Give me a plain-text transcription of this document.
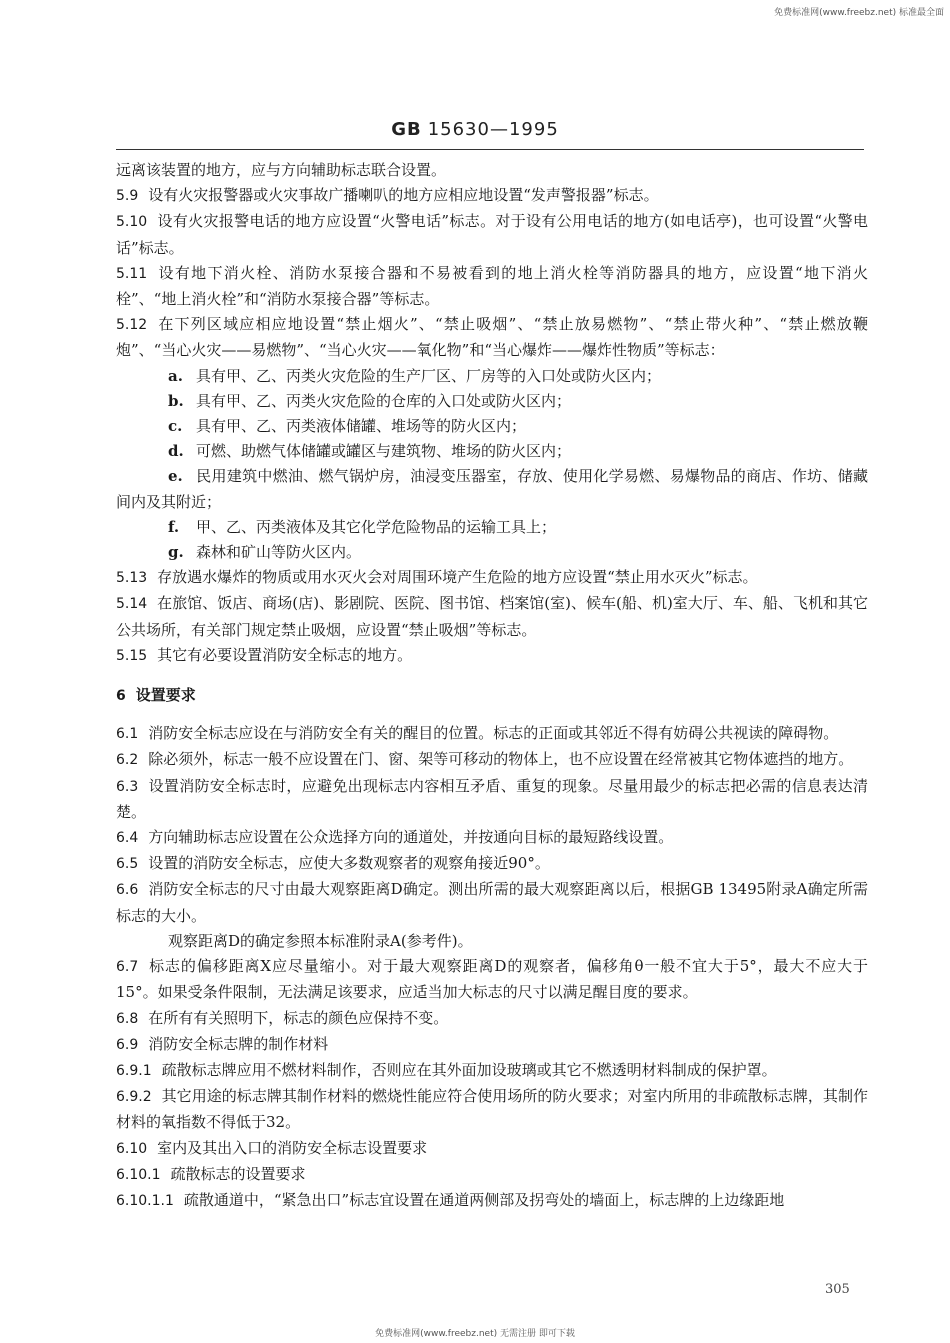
免费标准网(www.freebz.net) 标准最全面
GB 15630—1995

远离该装置的地方，应与方向辅助标志联合设置。

5.9 设有火灾报警器或火灾事故广播喇叭的地方应相应地设置“发声警报器”标志。

5.10 设有火灾报警电话的地方应设置“火警电话”标志。对于设有公用电话的地方(如电话亭)，也可设置“火警电话”标志。

5.11 设有地下消火栓、消防水泵接合器和不易被看到的地上消火栓等消防器具的地方，应设置“地下消火栓”、“地上消火栓”和“消防水泵接合器”等标志。

5.12 在下列区域应相应地设置“禁止烟火”、“禁止吸烟”、“禁止放易燃物”、“禁止带火种”、“禁止燃放鞭炮”、“当心火灾——易燃物”、“当心火灾——氧化物”和“当心爆炸——爆炸性物质”等标志：

a. 具有甲、乙、丙类火灾危险的生产厂区、厂房等的入口处或防火区内；

b. 具有甲、乙、丙类火灾危险的仓库的入口处或防火区内；

c. 具有甲、乙、丙类液体储罐、堆场等的防火区内；

d. 可燃、助燃气体储罐或罐区与建筑物、堆场的防火区内；

e. 民用建筑中燃油、燃气锅炉房，油浸变压器室，存放、使用化学易燃、易爆物品的商店、作坊、储藏间内及其附近；

f. 甲、乙、丙类液体及其它化学危险物品的运输工具上；

g. 森林和矿山等防火区内。

5.13 存放遇水爆炸的物质或用水灭火会对周围环境产生危险的地方应设置“禁止用水灭火”标志。

5.14 在旅馆、饭店、商场(店)、影剧院、医院、图书馆、档案馆(室)、候车(船、机)室大厅、车、船、飞机和其它公共场所，有关部门规定禁止吸烟，应设置“禁止吸烟”等标志。

5.15 其它有必要设置消防安全标志的地方。

6 设置要求

6.1 消防安全标志应设在与消防安全有关的醒目的位置。标志的正面或其邻近不得有妨碍公共视读的障碍物。

6.2 除必须外，标志一般不应设置在门、窗、架等可移动的物体上，也不应设置在经常被其它物体遮挡的地方。

6.3 设置消防安全标志时，应避免出现标志内容相互矛盾、重复的现象。尽量用最少的标志把必需的信息表达清楚。

6.4 方向辅助标志应设置在公众选择方向的通道处，并按通向目标的最短路线设置。

6.5 设置的消防安全标志，应使大多数观察者的观察角接近90°。

6.6 消防安全标志的尺寸由最大观察距离D确定。测出所需的最大观察距离以后，根据GB 13495附录A确定所需标志的大小。

观察距离D的确定参照本标准附录A(参考件)。

6.7 标志的偏移距离X应尽量缩小。对于最大观察距离D的观察者，偏移角θ一般不宜大于5°，最大不应大于15°。如果受条件限制，无法满足该要求，应适当加大标志的尺寸以满足醒目度的要求。

6.8 在所有有关照明下，标志的颜色应保持不变。

6.9 消防安全标志牌的制作材料

6.9.1 疏散标志牌应用不燃材料制作，否则应在其外面加设玻璃或其它不燃透明材料制成的保护罩。

6.9.2 其它用途的标志牌其制作材料的燃烧性能应符合使用场所的防火要求；对室内所用的非疏散标志牌，其制作材料的氧指数不得低于32。

6.10 室内及其出入口的消防安全标志设置要求

6.10.1 疏散标志的设置要求

6.10.1.1 疏散通道中，“紧急出口”标志宜设置在通道两侧部及拐弯处的墙面上，标志牌的上边缘距地

305
免费标准网(www.freebz.net) 无需注册 即可下载
